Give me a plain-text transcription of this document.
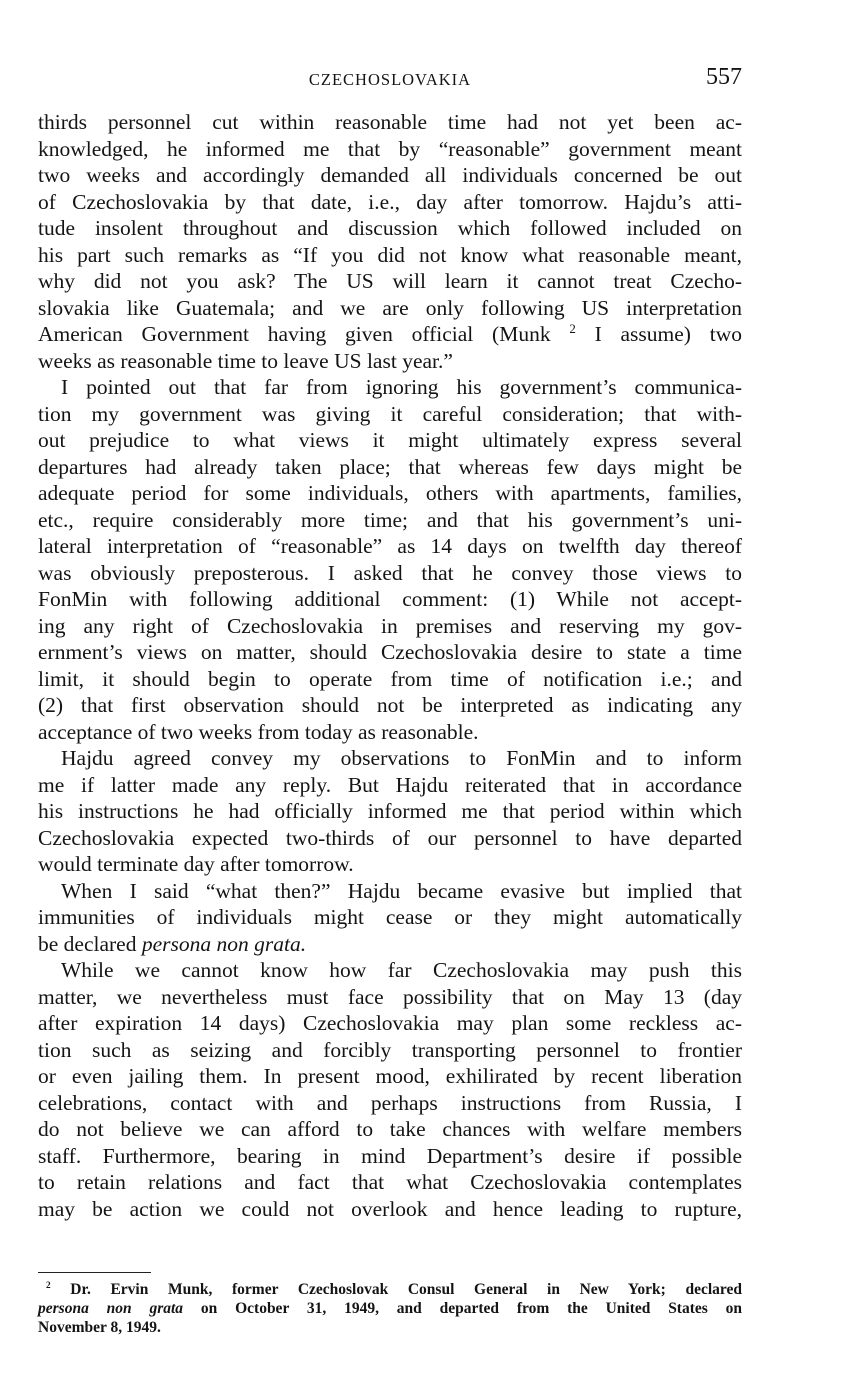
CZECHOSLOVAKIA	557
thirds personnel cut within reasonable time had not yet been ac-
knowledged, he informed me that by “reasonable” government meant
two weeks and accordingly demanded all individuals concerned be out
of Czechoslovakia by that date, i.e., day after tomorrow. Hajdu’s atti-
tude insolent throughout and discussion which followed included on
his part such remarks as “If you did not know what reasonable meant,
why did not you ask? The US will learn it cannot treat Czecho-
slovakia like Guatemala; and we are only following US interpretation
American Government having given official (Munk $^2$ I assume) two
weeks as reasonable time to leave US last year.”
I pointed out that far from ignoring his government’s communica-
tion my government was giving it careful consideration; that with-
out prejudice to what views it might ultimately express several
departures had already taken place; that whereas few days might be
adequate period for some individuals, others with apartments, families,
etc., require considerably more time; and that his government’s uni-
lateral interpretation of “reasonable” as 14 days on twelfth day thereof
was obviously preposterous. I asked that he convey those views to
FonMin with following additional comment: (1) While not accept-
ing any right of Czechoslovakia in premises and reserving my gov-
ernment’s views on matter, should Czechoslovakia desire to state a time
limit, it should begin to operate from time of notification i.e.; and
(2) that first observation should not be interpreted as indicating any
acceptance of two weeks from today as reasonable.
Hajdu agreed convey my observations to FonMin and to inform
me if latter made any reply. But Hajdu reiterated that in accordance
his instructions he had officially informed me that period within which
Czechoslovakia expected two-thirds of our personnel to have departed
would terminate day after tomorrow.
When I said “what then?” Hajdu became evasive but implied that
immunities of individuals might cease or they might automatically
be declared persona non grata.
While we cannot know how far Czechoslovakia may push this
matter, we nevertheless must face possibility that on May 13 (day
after expiration 14 days) Czechoslovakia may plan some reckless ac-
tion such as seizing and forcibly transporting personnel to frontier
or even jailing them. In present mood, exhilirated by recent liberation
celebrations, contact with and perhaps instructions from Russia, I
do not believe we can afford to take chances with welfare members
staff. Furthermore, bearing in mind Department’s desire if possible
to retain relations and fact that what Czechoslovakia contemplates
may be action we could not overlook and hence leading to rupture,
$^2$ Dr. Ervin Munk, former Czechoslovak Consul General in New York; declared
persona non grata on October 31, 1949, and departed from the United States on
November 8, 1949.
